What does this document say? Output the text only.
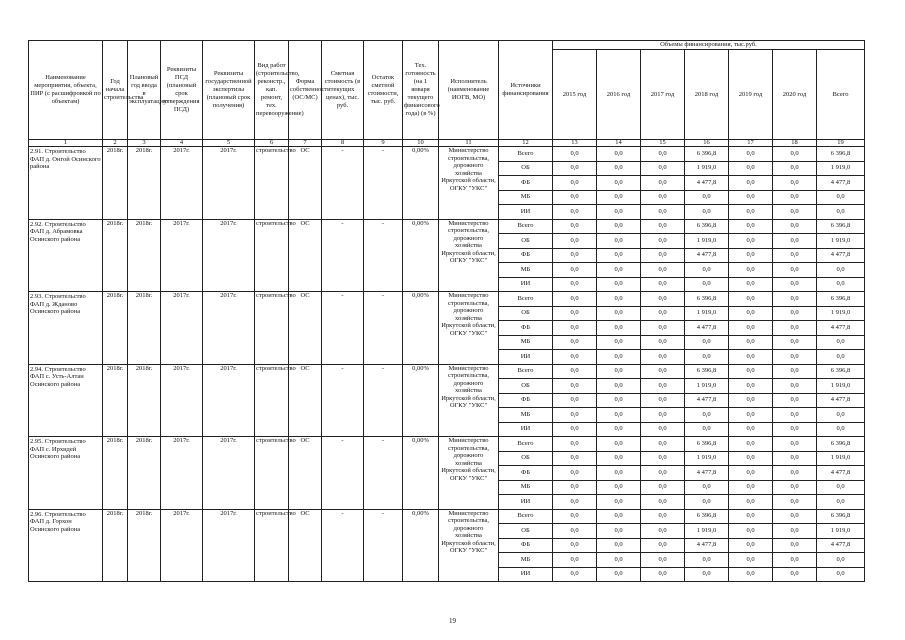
Наименование мероприятия, объекта, ПИР (с расшифровкой по объектам)	Год начала строительства	Плановый год ввода в эксплуатацию	Реквизиты ПСД (плановый срок утверждения ПСД)	Реквизиты государственной экспертизы (плановый срок получения)	Вид работ (строительство, реконстр., кап. ремонт, тех. перевооружение)	Форма собственности (ОС/МС)	Сметная стоимость (в текущих ценах), тыс. руб.	Остаток сметной стоимости, тыс. руб.	Тех. готовность (на 1 января текущего финансового года) (в %)	Исполнитель (наименование ИОГВ, МО)	Источники финансирования	Объемы финансирования, тыс.руб.						
												2015 год	2016 год	2017 год	2018 год	2019 год	2020 год	Всего
1	2	3	4	5	6	7	8	9	10	11	12	13	14	15	16	17	18	19
2.91. Строительство ФАП д. Онгой Осинского района	2018г.	2018г.	2017г.	2017г.	строительство	ОС	-	-	0,00%	Министерство строительства, дорожного хозяйства Иркутской области, ОГКУ "УКС"	Всего	0,0	0,0	0,0	6 396,8	0,0	0,0	6 396,8
											ОБ	0,0	0,0	0,0	1 919,0	0,0	0,0	1 919,0
											ФБ	0,0	0,0	0,0	4 477,8	0,0	0,0	4 477,8
											МБ	0,0	0,0	0,0	0,0	0,0	0,0	0,0
											ИИ	0,0	0,0	0,0	0,0	0,0	0,0	0,0
2.92. Строительство ФАП д. Абрамовка Осинского района	2018г.	2018г.	2017г.	2017г.	строительство	ОС	-	-	0,00%	Министерство строительства, дорожного хозяйства Иркутской области, ОГКУ "УКС"	Всего	0,0	0,0	0,0	6 396,8	0,0	0,0	6 396,8
											ОБ	0,0	0,0	0,0	1 919,0	0,0	0,0	1 919,0
											ФБ	0,0	0,0	0,0	4 477,8	0,0	0,0	4 477,8
											МБ	0,0	0,0	0,0	0,0	0,0	0,0	0,0
											ИИ	0,0	0,0	0,0	0,0	0,0	0,0	0,0
2.93. Строительство ФАП д. Жданово Осинского района	2018г.	2018г.	2017г.	2017г.	строительство	ОС	-	-	0,00%	Министерство строительства, дорожного хозяйства Иркутской области, ОГКУ "УКС"	Всего	0,0	0,0	0,0	6 396,8	0,0	0,0	6 396,8
											ОБ	0,0	0,0	0,0	1 919,0	0,0	0,0	1 919,0
											ФБ	0,0	0,0	0,0	4 477,8	0,0	0,0	4 477,8
											МБ	0,0	0,0	0,0	0,0	0,0	0,0	0,0
											ИИ	0,0	0,0	0,0	0,0	0,0	0,0	0,0
2.94. Строительство ФАП с. Усть-Алтан Осинского района	2018г.	2018г.	2017г.	2017г.	строительство	ОС	-	-	0,00%	Министерство строительства, дорожного хозяйства Иркутской области, ОГКУ "УКС"	Всего	0,0	0,0	0,0	6 396,8	0,0	0,0	6 396,8
											ОБ	0,0	0,0	0,0	1 919,0	0,0	0,0	1 919,0
											ФБ	0,0	0,0	0,0	4 477,8	0,0	0,0	4 477,8
											МБ	0,0	0,0	0,0	0,0	0,0	0,0	0,0
											ИИ	0,0	0,0	0,0	0,0	0,0	0,0	0,0
2.95. Строительство ФАП с. Ирхидей Осинского района	2018г.	2018г.	2017г.	2017г.	строительство	ОС	-	-	0,00%	Министерство строительства, дорожного хозяйства Иркутской области, ОГКУ "УКС"	Всего	0,0	0,0	0,0	6 396,8	0,0	0,0	6 396,8
											ОБ	0,0	0,0	0,0	1 919,0	0,0	0,0	1 919,0
											ФБ	0,0	0,0	0,0	4 477,8	0,0	0,0	4 477,8
											МБ	0,0	0,0	0,0	0,0	0,0	0,0	0,0
											ИИ	0,0	0,0	0,0	0,0	0,0	0,0	0,0
2.96. Строительство ФАП д. Горхон Осинского района	2018г.	2018г.	2017г.	2017г.	строительство	ОС	-	-	0,00%	Министерство строительства, дорожного хозяйства Иркутской области, ОГКУ "УКС"	Всего	0,0	0,0	0,0	6 396,8	0,0	0,0	6 396,8
											ОБ	0,0	0,0	0,0	1 919,0	0,0	0,0	1 919,0
											ФБ	0,0	0,0	0,0	4 477,8	0,0	0,0	4 477,8
											МБ	0,0	0,0	0,0	0,0	0,0	0,0	0,0
											ИИ	0,0	0,0	0,0	0,0	0,0	0,0	0,0
19
